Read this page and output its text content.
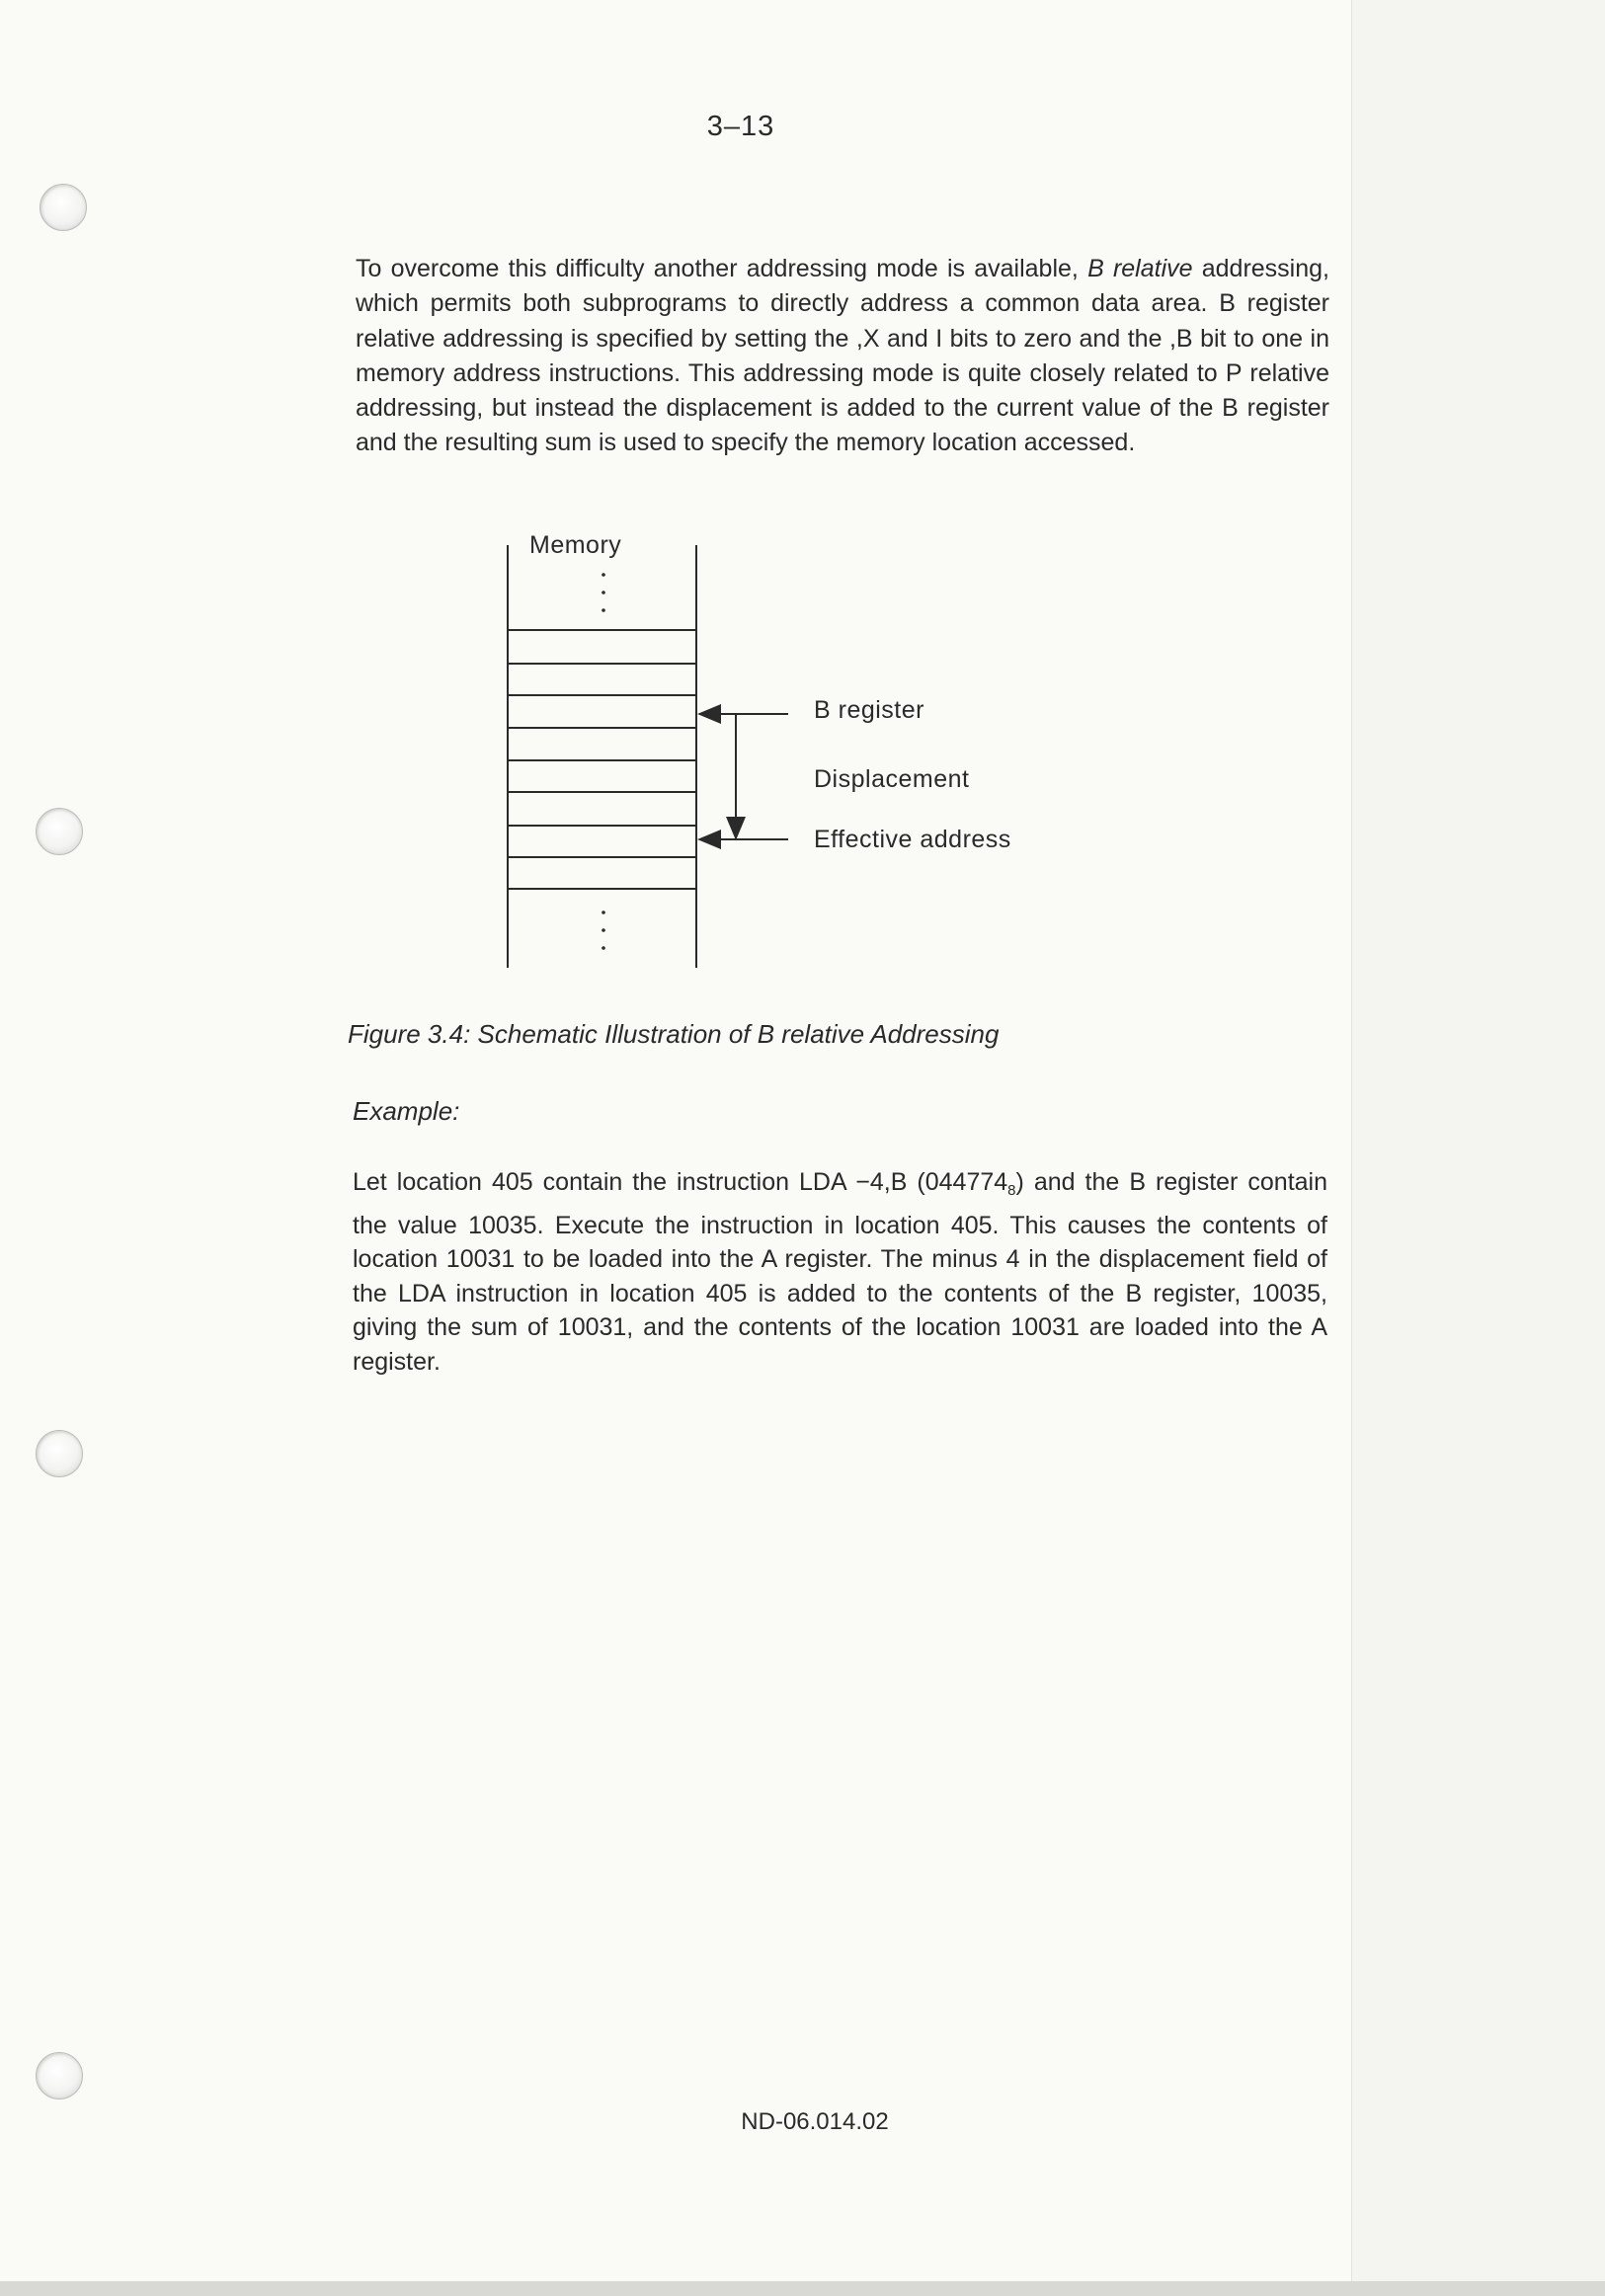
3–13

To overcome this difficulty another addressing mode is available, B relative addressing, which permits both subprograms to directly address a common data area. B register relative addressing is specified by setting the ,X and I bits to zero and the ,B bit to one in memory address instructions. This addressing mode is quite closely related to P relative addressing, but instead the displacement is added to the current value of the B register and the resulting sum is used to specify the memory location accessed.

Memory
B register
Displacement
Effective address
Figure 3.4: Schematic Illustration of B relative Addressing
Example:

Let location 405 contain the instruction LDA −4,B $(044774_8)$ and the B register contain the value 10035. Execute the instruction in location 405. This causes the contents of location 10031 to be loaded into the A register. The minus 4 in the displacement field of the LDA instruction in location 405 is added to the contents of the B register, 10035, giving the sum of 10031, and the contents of the location 10031 are loaded into the A register.

ND-06.014.02
